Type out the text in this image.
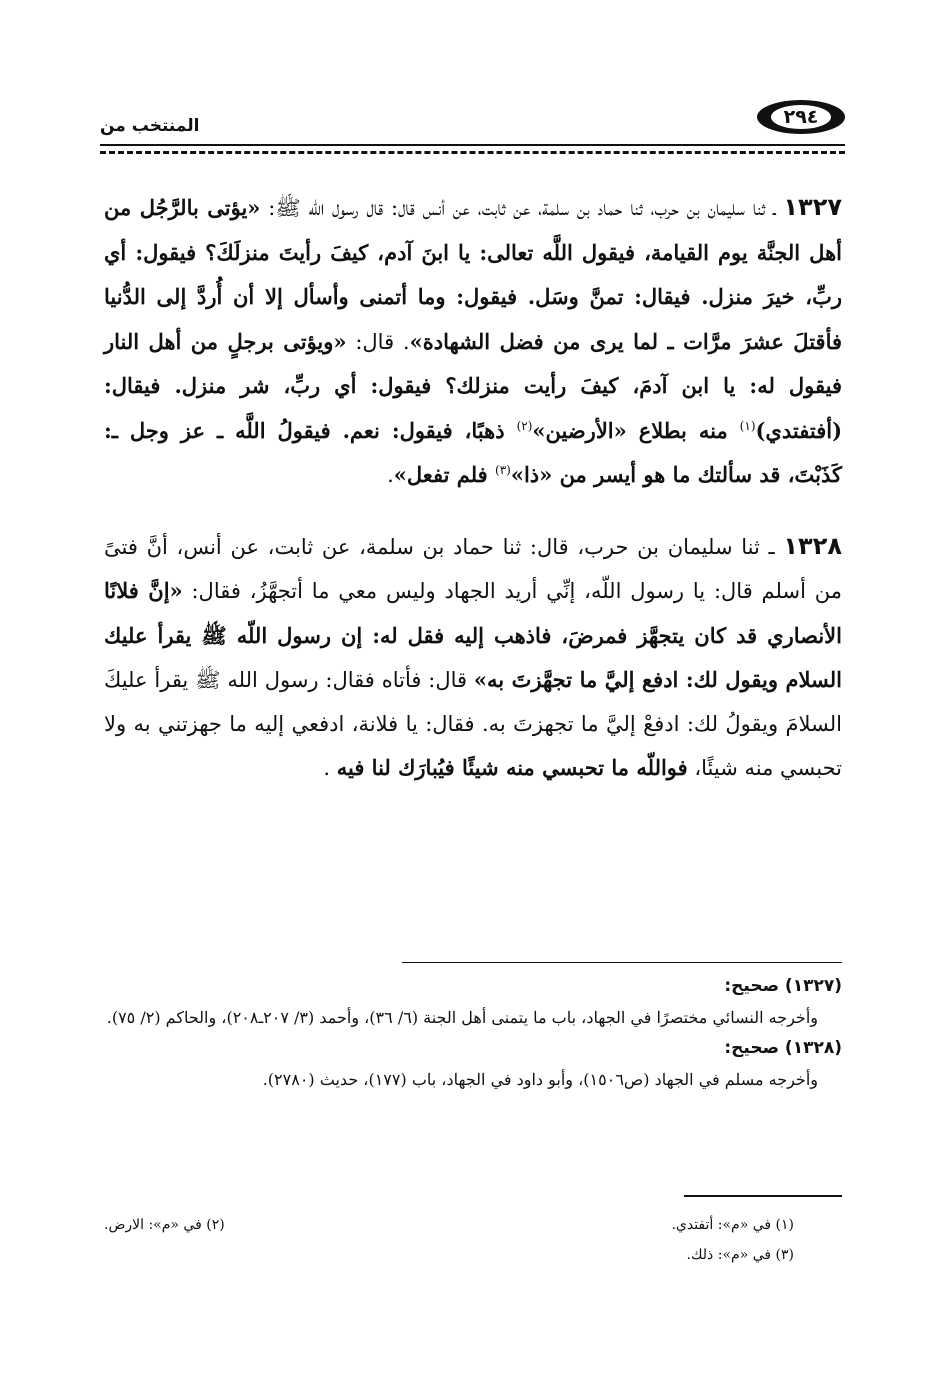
٢٩٤
المنتخب من

١٣٢٧ ـ ثنا سليمان بن حرب، ثنا حماد بن سلمة، عن ثابت، عن أنس قال: قال رسول اللّه ﷺ: «يؤتى بالرَّجُل من أهل الجنَّة يوم القيامة، فيقول اللَّه تعالى: يا ابنَ آدم، كيفَ رأيتَ منزلَكَ؟ فيقول: أي ربِّ، خيرَ منزل. فيقال: تمنَّ وسَل. فيقول: وما أتمنى وأسأل إلا أن أُردَّ إلى الدُّنيا فأقتلَ عشرَ مرَّات ـ لما يرى من فضل الشهادة». قال: «ويؤتى برجلٍ من أهل النار فيقول له: يا ابن آدمَ، كيفَ رأيت منزلك؟ فيقول: أي ربِّ، شر منزل. فيقال: (أفتفتدي)$^{(١)}$ منه بطلاع «الأرضين»$^{(٢)}$ ذهبًا، فيقول: نعم. فيقولُ اللَّه ـ عز وجل ـ: كَذَبْتَ، قد سألتك ما هو أيسر من «ذا»$^{(٣)}$ فلم تفعل».

١٣٢٨ ـ ثنا سليمان بن حرب، قال: ثنا حماد بن سلمة، عن ثابت، عن أنس، أنَّ فتىً من أسلم قال: يا رسول اللّه، إنِّي أريد الجهاد وليس معي ما أتجهَّزُ، فقال: «إنَّ فلانًا الأنصاري قد كان يتجهَّز فمرضَ، فاذهب إليه فقل له: إن رسول اللّه ﷺ يقرأ عليك السلام ويقول لك: ادفع إليَّ ما تجهَّزتَ به» قال: فأتاه فقال: رسول الله ﷺ يقرأ عليكَ السلامَ ويقولُ لك: ادفعْ إليَّ ما تجهزتَ به. فقال: يا فلانة، ادفعي إليه ما جهزتني به ولا تحبسي منه شيئًا، فواللّه ما تحبسي منه شيئًا فيُبارَك لنا فيه .

(١٣٢٧) صحيح:
وأخرجه النسائي مختصرًا في الجهاد، باب ما يتمنى أهل الجنة (٦/ ٣٦)، وأحمد (٣/ ٢٠٧ـ٢٠٨)، والحاكم (٢/ ٧٥).
(١٣٢٨) صحيح:
وأخرجه مسلم في الجهاد (ص١٥٠٦)، وأبو داود في الجهاد، باب (١٧٧)، حديث (٢٧٨٠).
(١) في «م»: أتفتدي.
(٢) في «م»: الارض.
(٣) في «م»: ذلك.
